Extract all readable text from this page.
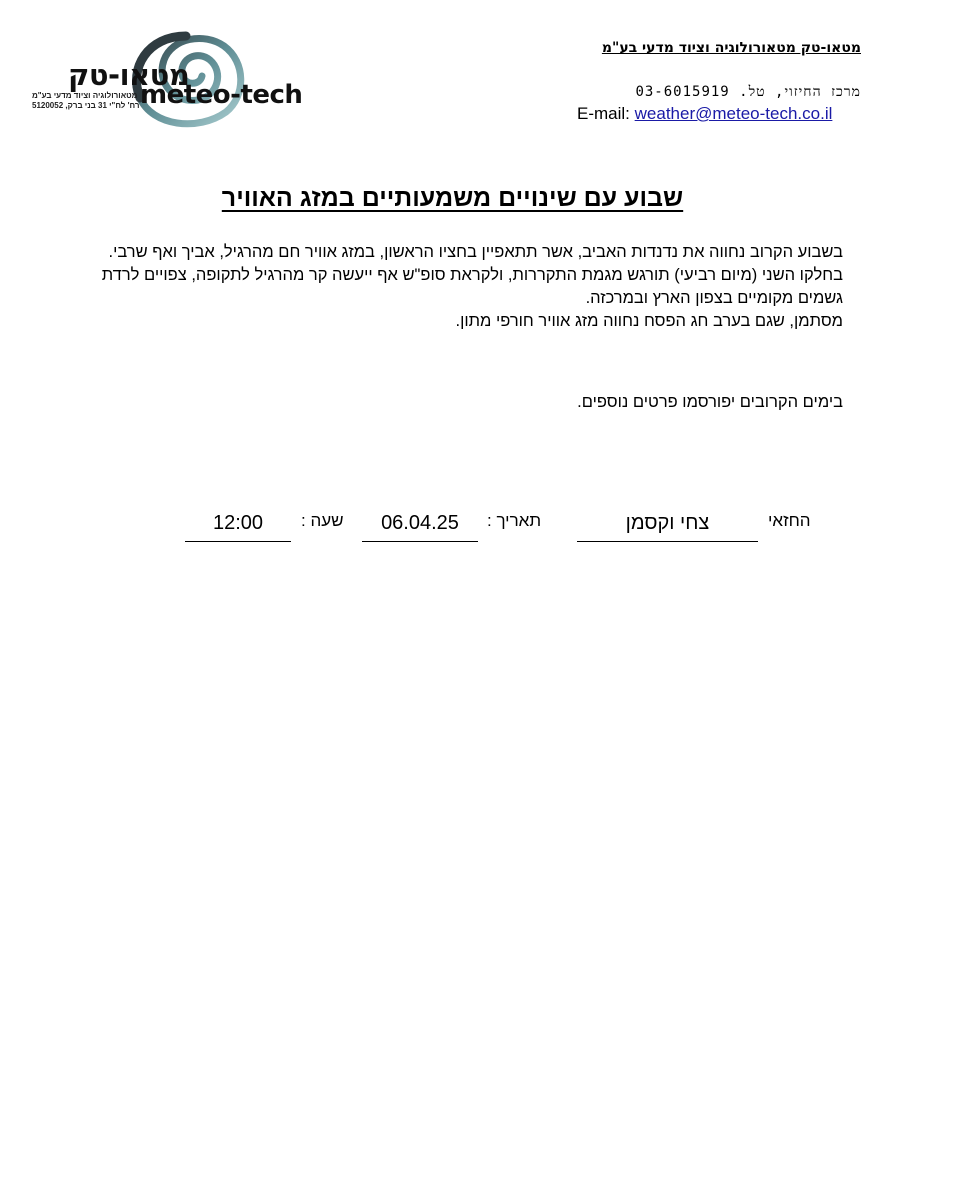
מטאו-טק
meteo-tech
מטאורולוגיה וציוד מדעי בע"מ
רח' לח"י 31 בני ברק, 5120052
מטאו-טק מטאורולוגיה וציוד מדעי בע"מ
מרכז החיזוי, טל. 03-6015919
E-mail: weather@meteo-tech.co.il
שבוע עם שינויים משמעותיים במזג האוויר

בשבוע הקרוב נחווה את נדנדות האביב, אשר תתאפיין בחציו הראשון, במזג אוויר חם מהרגיל, אביך ואף שרבי. בחלקו השני (מיום רביעי) תורגש מגמת התקררות, ולקראת סופ"ש אף ייעשה קר מהרגיל לתקופה, צפויים לרדת גשמים מקומיים בצפון הארץ ובמרכזה.

מסתמן, שגם בערב חג הפסח נחווה מזג אוויר חורפי מתון.

בימים הקרובים יפורסמו פרטים נוספים.
החזאי
צחי וקסמן
תאריך :
06.04.25
שעה :
12:00
